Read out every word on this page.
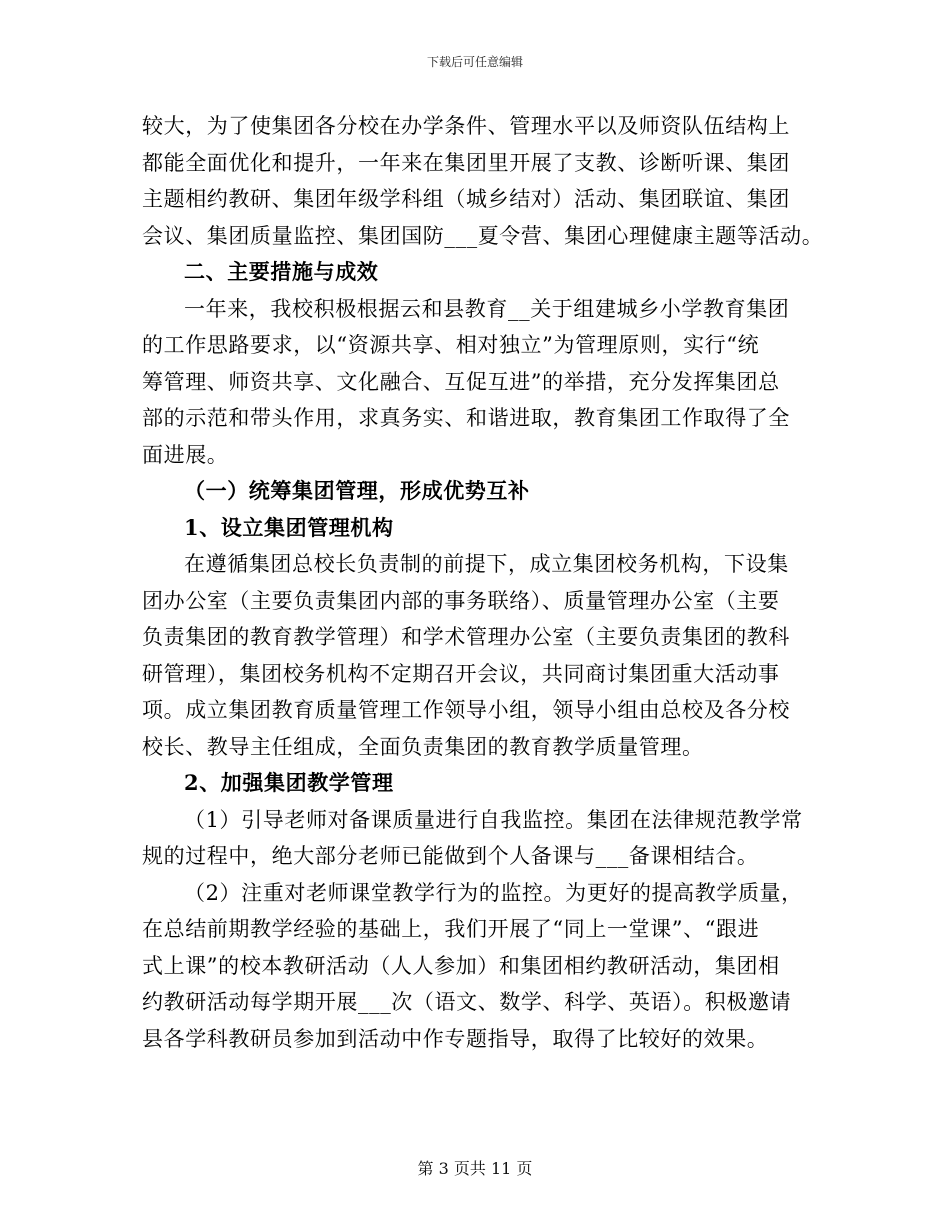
下载后可任意编辑

较大，为了使集团各分校在办学条件、管理水平以及师资队伍结构上

都能全面优化和提升，一年来在集团里开展了支教、诊断听课、集团

主题相约教研、集团年级学科组（城乡结对）活动、集团联谊、集团

会议、集团质量监控、集团国防___夏令营、集团心理健康主题等活动。

二、主要措施与成效

一年来，我校积极根据云和县教育__关于组建城乡小学教育集团

的工作思路要求，以“资源共享、相对独立”为管理原则，实行“统

筹管理、师资共享、文化融合、互促互进”的举措，充分发挥集团总

部的示范和带头作用，求真务实、和谐进取，教育集团工作取得了全

面进展。

（一）统筹集团管理，形成优势互补

1、设立集团管理机构

在遵循集团总校长负责制的前提下，成立集团校务机构，下设集

团办公室（主要负责集团内部的事务联络）、质量管理办公室（主要

负责集团的教育教学管理）和学术管理办公室（主要负责集团的教科

研管理），集团校务机构不定期召开会议，共同商讨集团重大活动事

项。成立集团教育质量管理工作领导小组，领导小组由总校及各分校

校长、教导主任组成，全面负责集团的教育教学质量管理。

2、加强集团教学管理

（1）引导老师对备课质量进行自我监控。集团在法律规范教学常

规的过程中，绝大部分老师已能做到个人备课与___备课相结合。

（2）注重对老师课堂教学行为的监控。为更好的提高教学质量，

在总结前期教学经验的基础上，我们开展了“同上一堂课”、“跟进

式上课”的校本教研活动（人人参加）和集团相约教研活动，集团相

约教研活动每学期开展___次（语文、数学、科学、英语）。积极邀请

县各学科教研员参加到活动中作专题指导，取得了比较好的效果。

第 3 页共 11 页
